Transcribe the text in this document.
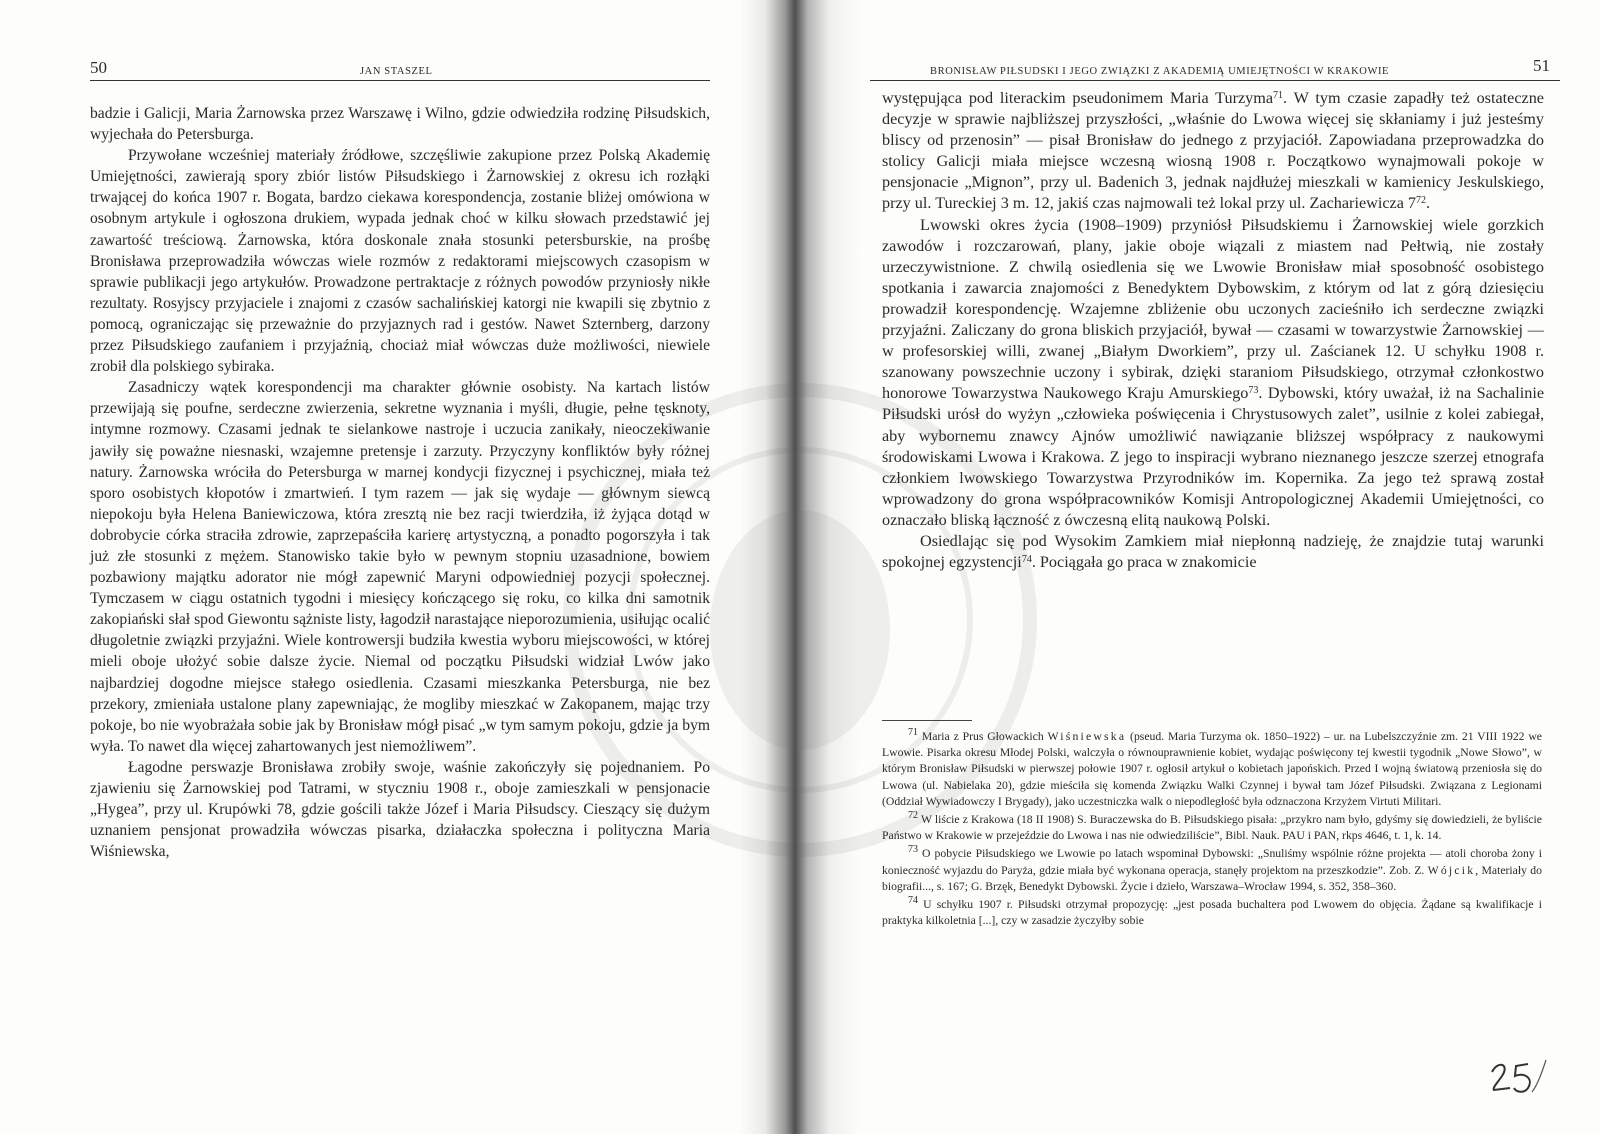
50	JAN STASZEL

badzie i Galicji, Maria Żarnowska przez Warszawę i Wilno, gdzie odwiedziła rodzinę Piłsudskich, wyjechała do Petersburga.

Przywołane wcześniej materiały źródłowe, szczęśliwie zakupione przez Polską Akademię Umiejętności, zawierają spory zbiór listów Piłsudskiego i Żarnowskiej z okresu ich rozłąki trwającej do końca 1907 r. Bogata, bardzo ciekawa korespondencja, zostanie bliżej omówiona w osobnym artykule i ogłoszona drukiem, wypada jednak choć w kilku słowach przedstawić jej zawartość treściową. Żarnowska, która doskonale znała stosunki petersburskie, na prośbę Bronisława przeprowadziła wówczas wiele rozmów z redaktorami miejscowych czasopism w sprawie publikacji jego artykułów. Prowadzone pertraktacje z różnych powodów przyniosły nikłe rezultaty. Rosyjscy przyjaciele i znajomi z czasów sachalińskiej katorgi nie kwapili się zbytnio z pomocą, ograniczając się przeważnie do przyjaznych rad i gestów. Nawet Szternberg, darzony przez Piłsudskiego zaufaniem i przyjaźnią, chociaż miał wówczas duże możliwości, niewiele zrobił dla polskiego sybiraka.

Zasadniczy wątek korespondencji ma charakter głównie osobisty. Na kartach listów przewijają się poufne, serdeczne zwierzenia, sekretne wyznania i myśli, długie, pełne tęsknoty, intymne rozmowy. Czasami jednak te sielankowe nastroje i uczucia zanikały, nieoczekiwanie jawiły się poważne niesnaski, wzajemne pretensje i zarzuty. Przyczyny konfliktów były różnej natury. Żarnowska wróciła do Petersburga w marnej kondycji fizycznej i psychicznej, miała też sporo osobistych kłopotów i zmartwień. I tym razem — jak się wydaje — głównym siewcą niepokoju była Helena Baniewiczowa, która zresztą nie bez racji twierdziła, iż żyjąca dotąd w dobrobycie córka straciła zdrowie, zaprzepaściła karierę artystyczną, a ponadto pogorszyła i tak już złe stosunki z mężem. Stanowisko takie było w pewnym stopniu uzasadnione, bowiem pozbawiony majątku adorator nie mógł zapewnić Maryni odpowiedniej pozycji społecznej. Tymczasem w ciągu ostatnich tygodni i miesięcy kończącego się roku, co kilka dni samotnik zakopiański słał spod Giewontu sążniste listy, łagodził narastające nieporozumienia, usiłując ocalić długoletnie związki przyjaźni. Wiele kontrowersji budziła kwestia wyboru miejscowości, w której mieli oboje ułożyć sobie dalsze życie. Niemal od początku Piłsudski widział Lwów jako najbardziej dogodne miejsce stałego osiedlenia. Czasami mieszkanka Petersburga, nie bez przekory, zmieniała ustalone plany zapewniając, że mogliby mieszkać w Zakopanem, mając trzy pokoje, bo nie wyobrażała sobie jak by Bronisław mógł pisać „w tym samym pokoju, gdzie ja bym wyła. To nawet dla więcej zahartowanych jest niemożliwem”.

Łagodne perswazje Bronisława zrobiły swoje, waśnie zakończyły się pojednaniem. Po zjawieniu się Żarnowskiej pod Tatrami, w styczniu 1908 r., oboje zamieszkali w pensjonacie „Hygea”, przy ul. Krupówki 78, gdzie gościli także Józef i Maria Piłsudscy. Cieszący się dużym uznaniem pensjonat prowadziła wówczas pisarka, działaczka społeczna i polityczna Maria Wiśniewska,

BRONISŁAW PIŁSUDSKI I JEGO ZWIĄZKI Z AKADEMIĄ UMIEJĘTNOŚCI W KRAKOWIE	51

występująca pod literackim pseudonimem Maria Turzyma$^{71}$. W tym czasie zapadły też ostateczne decyzje w sprawie najbliższej przyszłości, „właśnie do Lwowa więcej się skłaniamy i już jesteśmy bliscy od przenosin” — pisał Bronisław do jednego z przyjaciół. Zapowiadana przeprowadzka do stolicy Galicji miała miejsce wczesną wiosną 1908 r. Początkowo wynajmowali pokoje w pensjonacie „Mignon”, przy ul. Badenich 3, jednak najdłużej mieszkali w kamienicy Jeskulskiego, przy ul. Tureckiej 3 m. 12, jakiś czas najmowali też lokal przy ul. Zachariewicza $7^{72}$.

Lwowski okres życia (1908–1909) przyniósł Piłsudskiemu i Żarnowskiej wiele gorzkich zawodów i rozczarowań, plany, jakie oboje wiązali z miastem nad Pełtwią, nie zostały urzeczywistnione. Z chwilą osiedlenia się we Lwowie Bronisław miał sposobność osobistego spotkania i zawarcia znajomości z Benedyktem Dybowskim, z którym od lat z górą dziesięciu prowadził korespondencję. Wzajemne zbliżenie obu uczonych zacieśniło ich serdeczne związki przyjaźni. Zaliczany do grona bliskich przyjaciół, bywał — czasami w towarzystwie Żarnowskiej — w profesorskiej willi, zwanej „Białym Dworkiem”, przy ul. Zaścianek 12. U schyłku 1908 r. szanowany powszechnie uczony i sybirak, dzięki staraniom Piłsudskiego, otrzymał członkostwo honorowe Towarzystwa Naukowego Kraju Amurskiego$^{73}$. Dybowski, który uważał, iż na Sachalinie Piłsudski urósł do wyżyn „człowieka poświęcenia i Chrystusowych zalet”, usilnie z kolei zabiegał, aby wybornemu znawcy Ajnów umożliwić nawiązanie bliższej współpracy z naukowymi środowiskami Lwowa i Krakowa. Z jego to inspiracji wybrano nieznanego jeszcze szerzej etnografa członkiem lwowskiego Towarzystwa Przyrodników im. Kopernika. Za jego też sprawą został wprowadzony do grona współpracowników Komisji Antropologicznej Akademii Umiejętności, co oznaczało bliską łączność z ówczesną elitą naukową Polski.

Osiedlając się pod Wysokim Zamkiem miał niepłonną nadzieję, że znajdzie tutaj warunki spokojnej egzystencji$^{74}$. Pociągała go praca w znakomicie

$^{71}$ Maria z Prus Głowackich Wiśniewska (pseud. Maria Turzyma ok. 1850–1922) – ur. na Lubelszczyźnie zm. 21 VIII 1922 we Lwowie. Pisarka okresu Młodej Polski, walczyła o równouprawnienie kobiet, wydając poświęcony tej kwestii tygodnik „Nowe Słowo”, w którym Bronisław Piłsudski w pierwszej połowie 1907 r. ogłosił artykuł o kobietach japońskich. Przed I wojną światową przeniosła się do Lwowa (ul. Nabielaka 20), gdzie mieściła się komenda Związku Walki Czynnej i bywał tam Józef Piłsudski. Związana z Legionami (Oddział Wywiadowczy I Brygady), jako uczestniczka walk o niepodległość była odznaczona Krzyżem Virtuti Militari.

$^{72}$ W liście z Krakowa (18 II 1908) S. Buraczewska do B. Piłsudskiego pisała: „przykro nam było, gdyśmy się dowiedzieli, że byliście Państwo w Krakowie w przejeździe do Lwowa i nas nie odwiedziliście”, Bibl. Nauk. PAU i PAN, rkps 4646, t. 1, k. 14.

$^{73}$ O pobycie Piłsudskiego we Lwowie po latach wspominał Dybowski: „Snuliśmy wspólnie różne projekta — atoli choroba żony i konieczność wyjazdu do Paryża, gdzie miała być wykonana operacja, stanęły projektom na przeszkodzie”. Zob. Z. Wójcik, Materiały do biografii..., s. 167; G. Brzęk, Benedykt Dybowski. Życie i dzieło, Warszawa–Wrocław 1994, s. 352, 358–360.

$^{74}$ U schyłku 1907 r. Piłsudski otrzymał propozycję: „jest posada buchaltera pod Lwowem do objęcia. Żądane są kwalifikacje i praktyka kilkoletnia [...], czy w zasadzie życzyłby sobie
